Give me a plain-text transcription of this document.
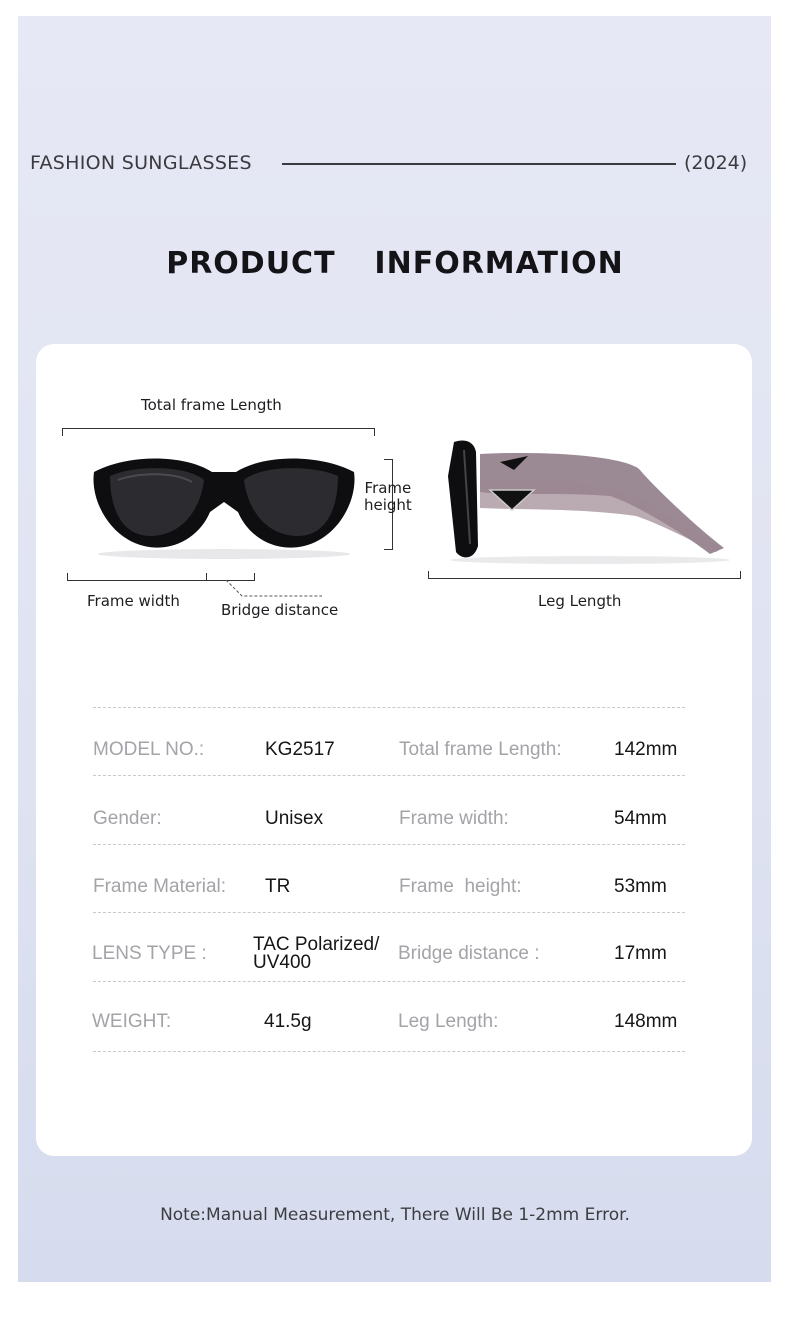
FASHION SUNGLASSES	(2024)
PRODUCT  INFORMATION
Total frame Length
Frame
height
Frame width	Bridge distance	Leg Length
MODEL NO.:	KG2517	Total frame Length:	142mm
Gender:	Unisex	Frame width:	54mm
Frame Material: TR	Frame  height:	53mm
LENS TYPE : TAC Polarized/
UV400	Bridge distance :	17mm
WEIGHT:	41.5g	Leg Length:	148mm
Note:Manual Measurement, There Will Be 1-2mm Error.
